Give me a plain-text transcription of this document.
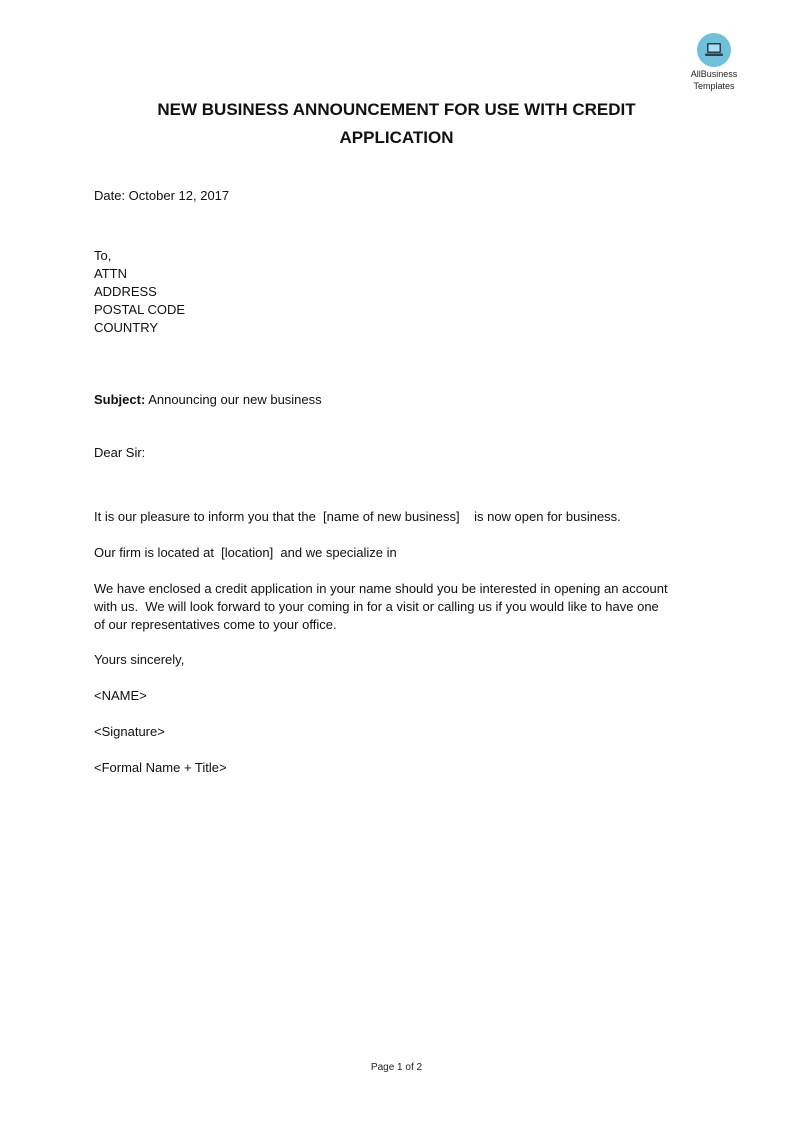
AllBusiness
Templates
NEW BUSINESS ANNOUNCEMENT FOR USE WITH CREDIT
APPLICATION
Date: October 12, 2017
To,
ATTN
ADDRESS
POSTAL CODE
COUNTRY
Subject: Announcing our new business
Dear Sir:
It is our pleasure to inform you that the  [name of new business]    is now open for business.
Our firm is located at  [location]  and we specialize in
We have enclosed a credit application in your name should you be interested in opening an account
with us.  We will look forward to your coming in for a visit or calling us if you would like to have one
of our representatives come to your office.
Yours sincerely,
<NAME>
<Signature>
<Formal Name + Title>
Page 1 of 2
